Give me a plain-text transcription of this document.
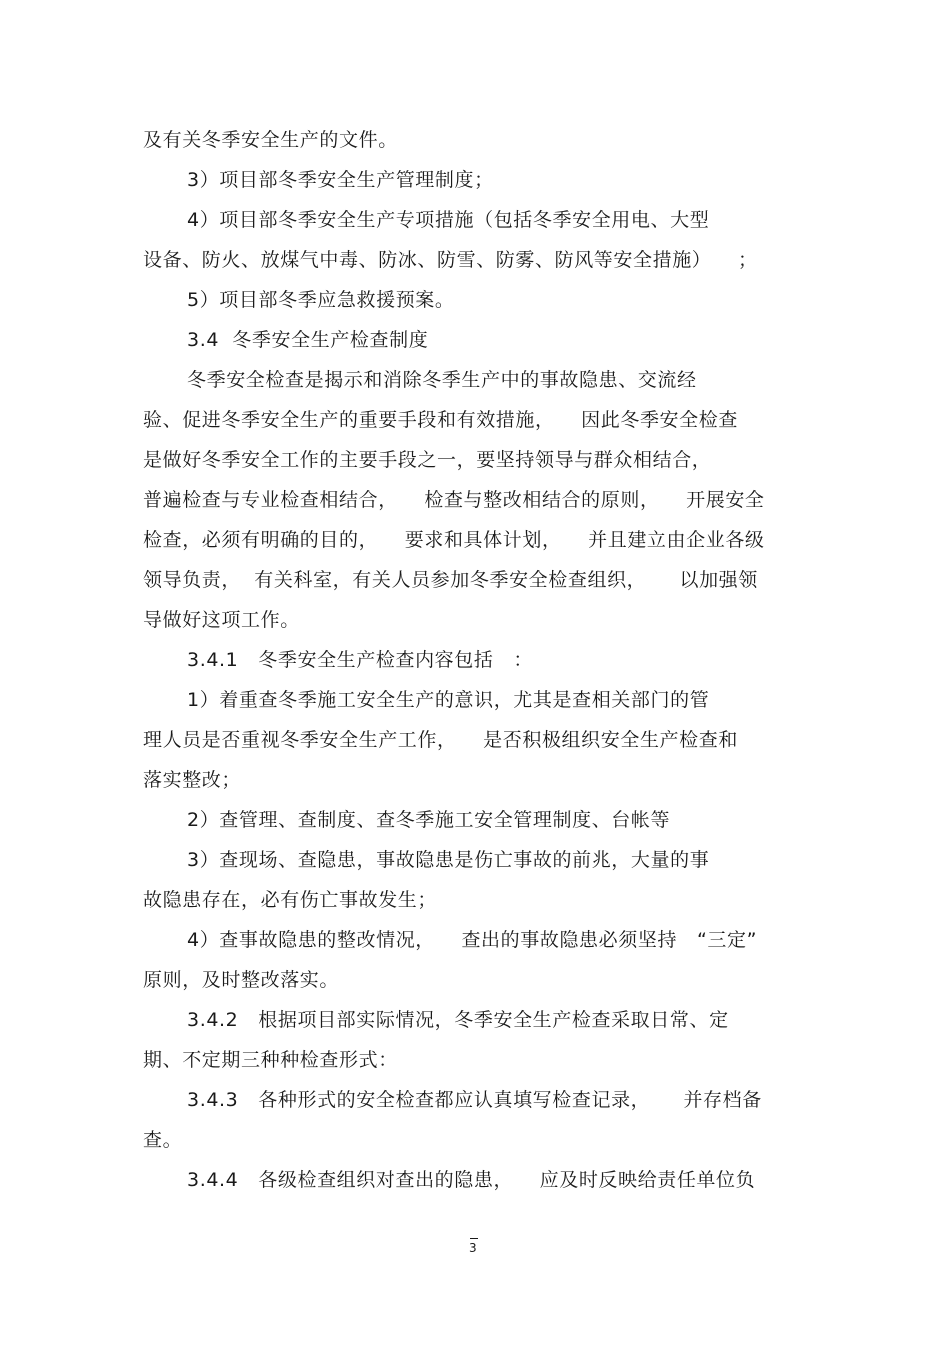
及有关冬季安全生产的文件。
3）项目部冬季安全生产管理制度；
4）项目部冬季安全生产专项措施（包括冬季安全用电、大型
设备、防火、放煤气中毒、防冰、防雪、防雾、防风等安全措施）    ；
5）项目部冬季应急救援预案。
3.4  冬季安全生产检查制度
冬季安全检查是揭示和消除冬季生产中的事故隐患、交流经
验、促进冬季安全生产的重要手段和有效措施，    因此冬季安全检查
是做好冬季安全工作的主要手段之一，要坚持领导与群众相结合，
普遍检查与专业检查相结合，    检查与整改相结合的原则，    开展安全
检查，必须有明确的目的，    要求和具体计划，    并且建立由企业各级
领导负责，  有关科室，有关人员参加冬季安全检查组织，     以加强领
导做好这项工作。
3.4.1   冬季安全生产检查内容包括   ：
1）着重查冬季施工安全生产的意识，尤其是查相关部门的管
理人员是否重视冬季安全生产工作，    是否积极组织安全生产检查和
落实整改；
2）查管理、查制度、查冬季施工安全管理制度、台帐等
3）查现场、查隐患，事故隐患是伤亡事故的前兆，大量的事
故隐患存在，必有伤亡事故发生；
4）查事故隐患的整改情况，    查出的事故隐患必须坚持   “三定”
原则，及时整改落实。
3.4.2   根据项目部实际情况，冬季安全生产检查采取日常、定
期、不定期三种种检查形式：
3.4.3   各种形式的安全检查都应认真填写检查记录，     并存档备
查。
3.4.4   各级检查组织对查出的隐患，    应及时反映给责任单位负
3
